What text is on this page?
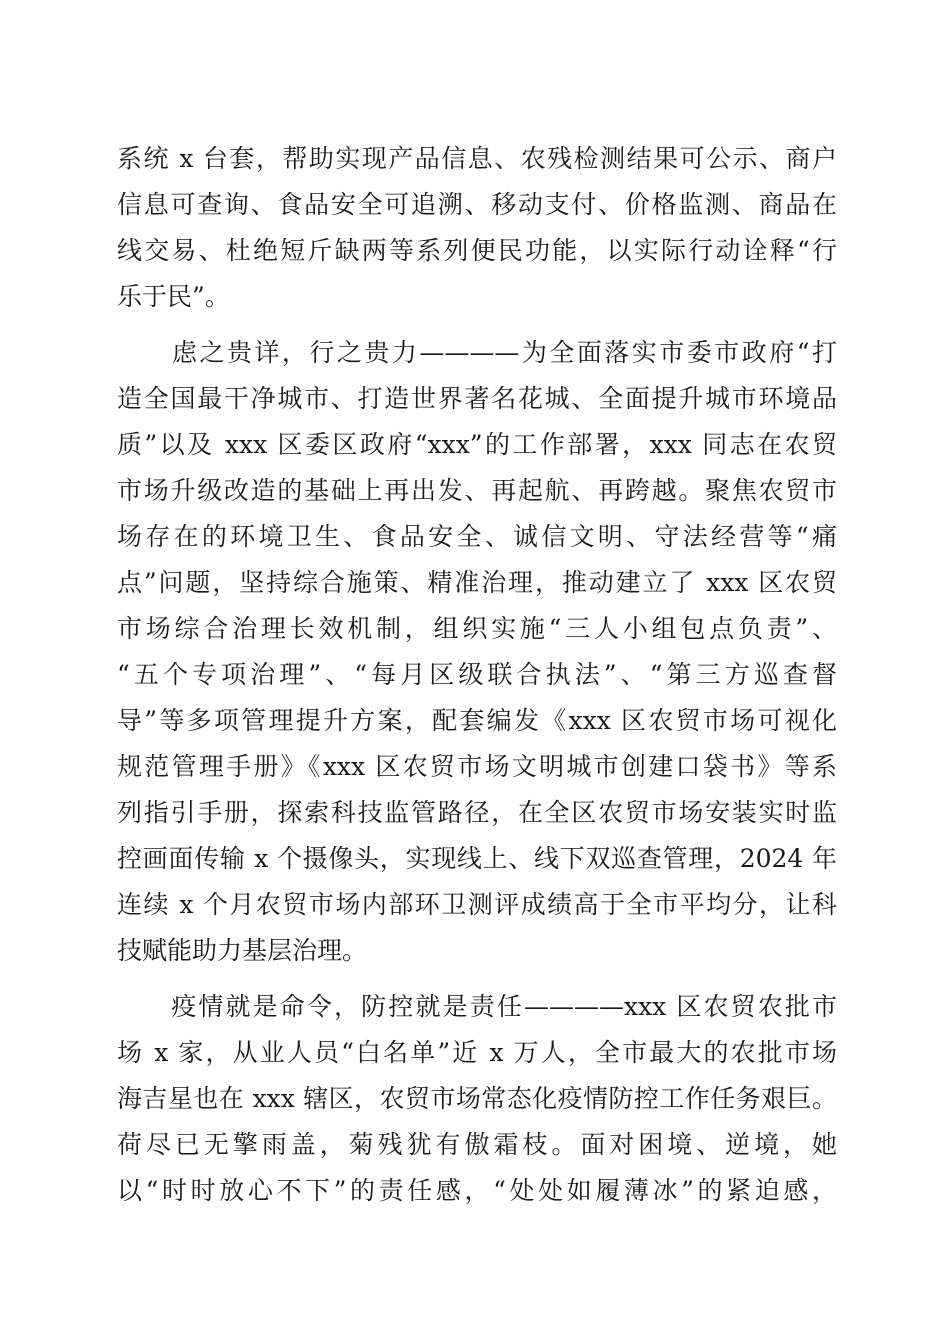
系统 x 台套，帮助实现产品信息、农残检测结果可公示、商户
信息可查询、食品安全可追溯、移动支付、价格监测、商品在
线交易、杜绝短斤缺两等系列便民功能，以实际行动诠释“行
乐于民”。
　　虑之贵详，行之贵力————为全面落实市委市政府“打
造全国最干净城市、打造世界著名花城、全面提升城市环境品
质”以及 xxx 区委区政府“xxx”的工作部署，xxx 同志在农贸
市场升级改造的基础上再出发、再起航、再跨越。聚焦农贸市
场存在的环境卫生、食品安全、诚信文明、守法经营等“痛
点”问题，坚持综合施策、精准治理，推动建立了 xxx 区农贸
市场综合治理长效机制，组织实施“三人小组包点负责”、
“五个专项治理”、“每月区级联合执法”、“第三方巡查督
导”等多项管理提升方案，配套编发《xxx 区农贸市场可视化
规范管理手册》《xxx 区农贸市场文明城市创建口袋书》等系
列指引手册，探索科技监管路径，在全区农贸市场安装实时监
控画面传输 x 个摄像头，实现线上、线下双巡查管理，2024 年
连续 x 个月农贸市场内部环卫测评成绩高于全市平均分，让科
技赋能助力基层治理。
　　疫情就是命令，防控就是责任————xxx 区农贸农批市
场 x 家，从业人员“白名单”近 x 万人，全市最大的农批市场
海吉星也在 xxx 辖区，农贸市场常态化疫情防控工作任务艰巨。
荷尽已无擎雨盖，菊残犹有傲霜枝。面对困境、逆境，她
以“时时放心不下”的责任感，“处处如履薄冰”的紧迫感，
